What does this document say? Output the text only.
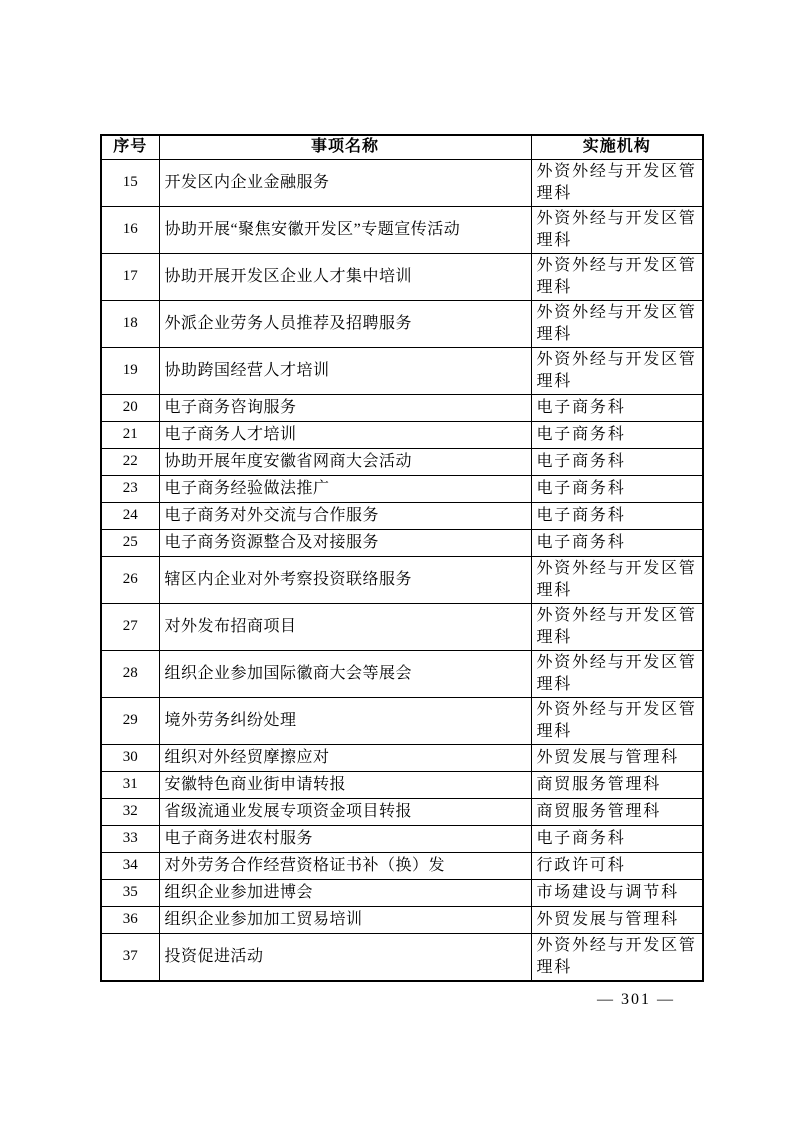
序号	事项名称	实施机构
15	开发区内企业金融服务	外资外经与开发区管理科
16	协助开展“聚焦安徽开发区”专题宣传活动	外资外经与开发区管理科
17	协助开展开发区企业人才集中培训	外资外经与开发区管理科
18	外派企业劳务人员推荐及招聘服务	外资外经与开发区管理科
19	协助跨国经营人才培训	外资外经与开发区管理科
20	电子商务咨询服务	电子商务科
21	电子商务人才培训	电子商务科
22	协助开展年度安徽省网商大会活动	电子商务科
23	电子商务经验做法推广	电子商务科
24	电子商务对外交流与合作服务	电子商务科
25	电子商务资源整合及对接服务	电子商务科
26	辖区内企业对外考察投资联络服务	外资外经与开发区管理科
27	对外发布招商项目	外资外经与开发区管理科
28	组织企业参加国际徽商大会等展会	外资外经与开发区管理科
29	境外劳务纠纷处理	外资外经与开发区管理科
30	组织对外经贸摩擦应对	外贸发展与管理科
31	安徽特色商业街申请转报	商贸服务管理科
32	省级流通业发展专项资金项目转报	商贸服务管理科
33	电子商务进农村服务	电子商务科
34	对外劳务合作经营资格证书补（换）发	行政许可科
35	组织企业参加进博会	市场建设与调节科
36	组织企业参加加工贸易培训	外贸发展与管理科
37	投资促进活动	外资外经与开发区管理科
— 301 —
